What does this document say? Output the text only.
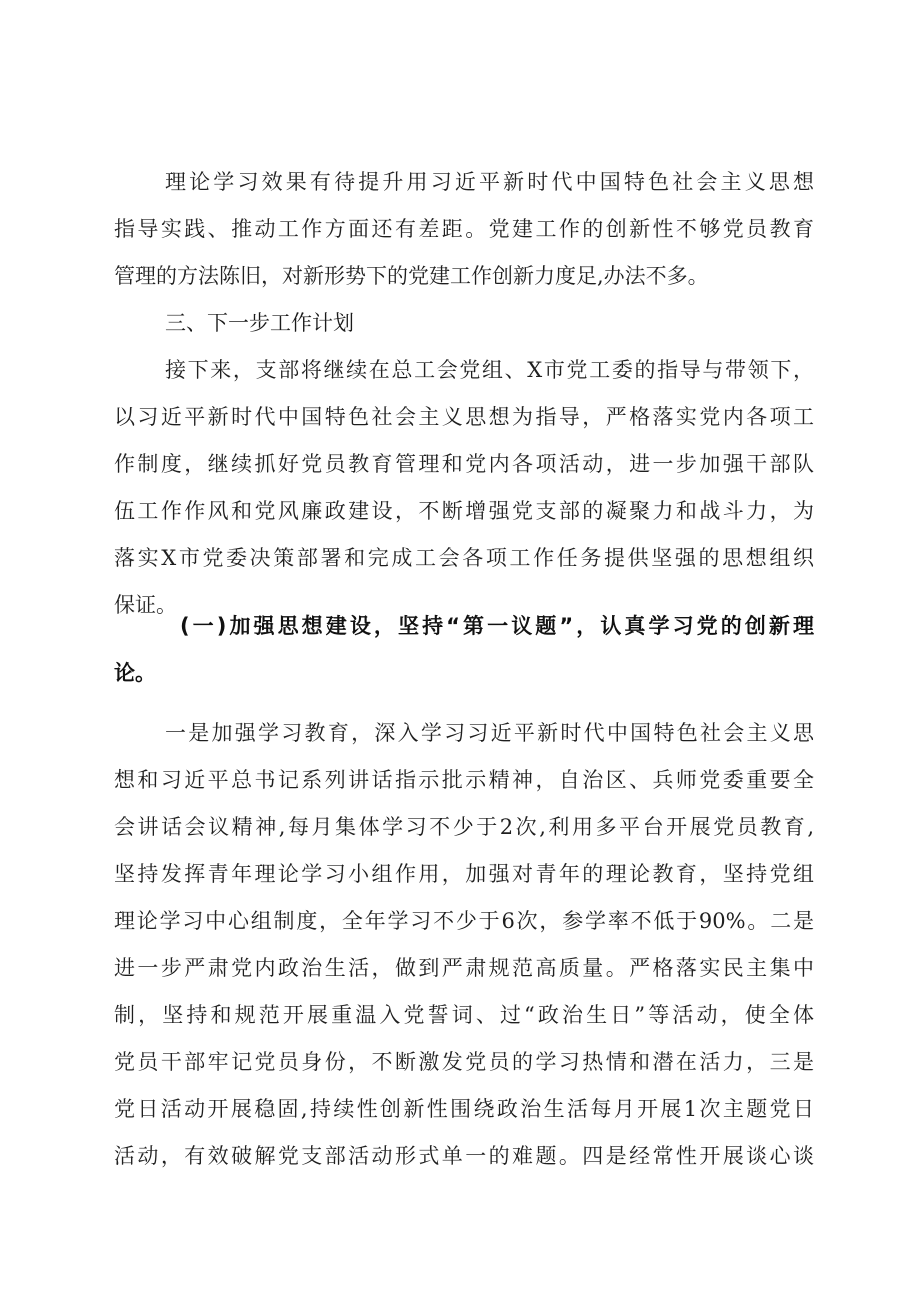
理论学习效果有待提升用习近平新时代中国特色社会主义思想
指导实践、推动工作方面还有差距。党建工作的创新性不够党员教育
管理的方法陈旧，对新形势下的党建工作创新力度足,办法不多。
三、下一步工作计划
接下来，支部将继续在总工会党组、X市党工委的指导与带领下，
以习近平新时代中国特色社会主义思想为指导，严格落实党内各项工
作制度，继续抓好党员教育管理和党内各项活动，进一步加强干部队
伍工作作风和党风廉政建设，不断增强党支部的凝聚力和战斗力，为
落实X市党委决策部署和完成工会各项工作任务提供坚强的思想组织
保证。
(一)加强思想建设，坚持“第一议题”，认真学习党的创新理
论。
一是加强学习教育，深入学习习近平新时代中国特色社会主义思
想和习近平总书记系列讲话指示批示精神，自治区、兵师党委重要全
会讲话会议精神,每月集体学习不少于2次,利用多平台开展党员教育,
坚持发挥青年理论学习小组作用，加强对青年的理论教育，坚持党组
理论学习中心组制度，全年学习不少于6次，参学率不低于90%。二是
进一步严肃党内政治生活，做到严肃规范高质量。严格落实民主集中
制，坚持和规范开展重温入党誓词、过“政治生日”等活动，使全体
党员干部牢记党员身份，不断激发党员的学习热情和潜在活力，三是
党日活动开展稳固,持续性创新性围绕政治生活每月开展1次主题党日
活动，有效破解党支部活动形式单一的难题。四是经常性开展谈心谈
